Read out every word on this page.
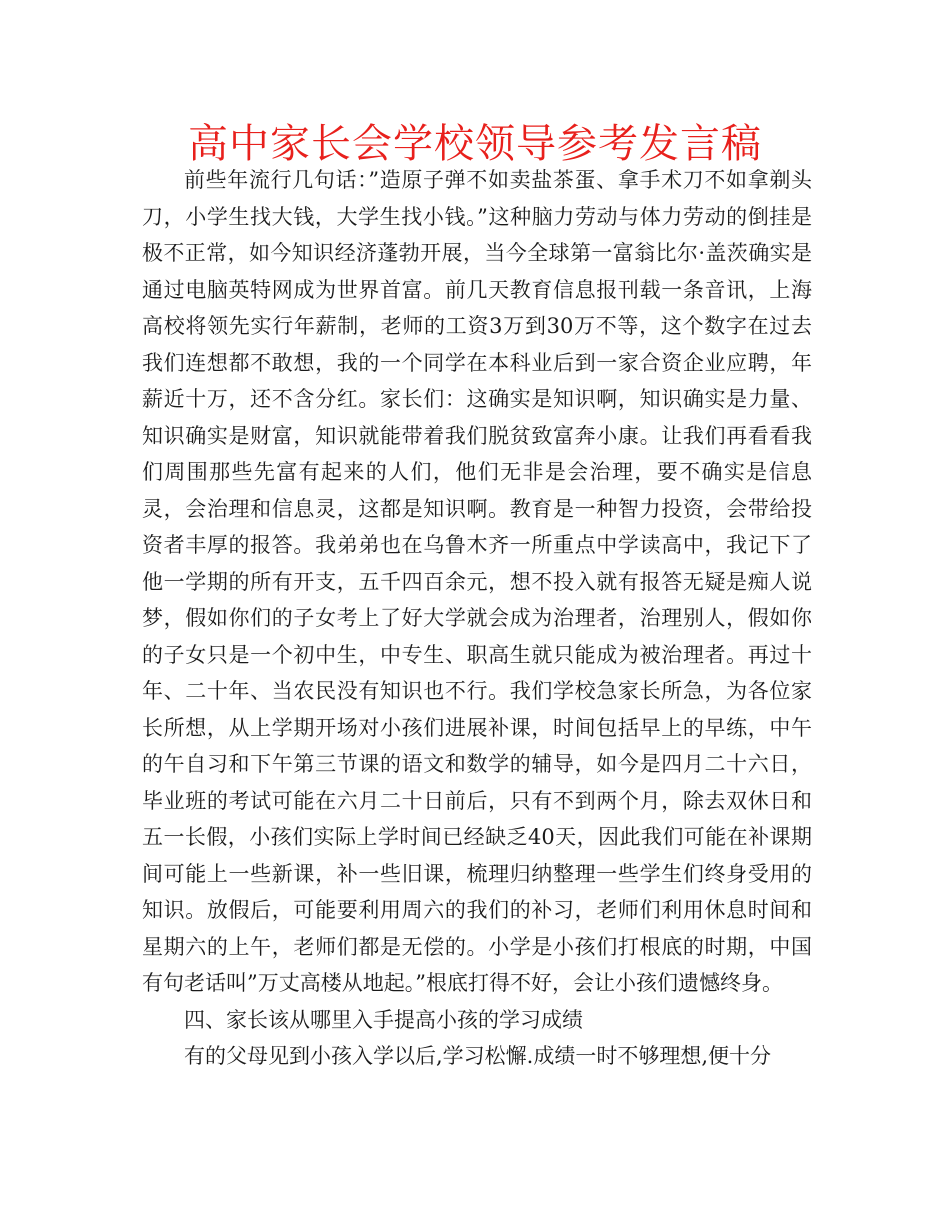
高中家长会学校领导参考发言稿

前些年流行几句话：”造原子弹不如卖盐茶蛋、拿手术刀不如拿剃头刀，小学生找大钱，大学生找小钱。”这种脑力劳动与体力劳动的倒挂是极不正常，如今知识经济蓬勃开展，当今全球第一富翁比尔·盖茨确实是通过电脑英特网成为世界首富。前几天教育信息报刊载一条音讯，上海高校将领先实行年薪制，老师的工资3万到30万不等，这个数字在过去我们连想都不敢想，我的一个同学在本科业后到一家合资企业应聘，年薪近十万，还不含分红。家长们：这确实是知识啊，知识确实是力量、知识确实是财富，知识就能带着我们脱贫致富奔小康。让我们再看看我们周围那些先富有起来的人们，他们无非是会治理，要不确实是信息灵，会治理和信息灵，这都是知识啊。教育是一种智力投资，会带给投资者丰厚的报答。我弟弟也在乌鲁木齐一所重点中学读高中，我记下了他一学期的所有开支，五千四百余元，想不投入就有报答无疑是痴人说梦，假如你们的子女考上了好大学就会成为治理者，治理别人，假如你的子女只是一个初中生，中专生、职高生就只能成为被治理者。再过十年、二十年、当农民没有知识也不行。我们学校急家长所急，为各位家长所想，从上学期开场对小孩们进展补课，时间包括早上的早练，中午的午自习和下午第三节课的语文和数学的辅导，如今是四月二十六日，毕业班的考试可能在六月二十日前后，只有不到两个月，除去双休日和五一长假，小孩们实际上学时间已经缺乏40天，因此我们可能在补课期间可能上一些新课，补一些旧课，梳理归纳整理一些学生们终身受用的知识。放假后，可能要利用周六的我们的补习，老师们利用休息时间和星期六的上午，老师们都是无偿的。小学是小孩们打根底的时期，中国有句老话叫”万丈高楼从地起。”根底打得不好，会让小孩们遗憾终身。

四、家长该从哪里入手提高小孩的学习成绩

有的父母见到小孩入学以后,学习松懈.成绩一时不够理想,便十分
